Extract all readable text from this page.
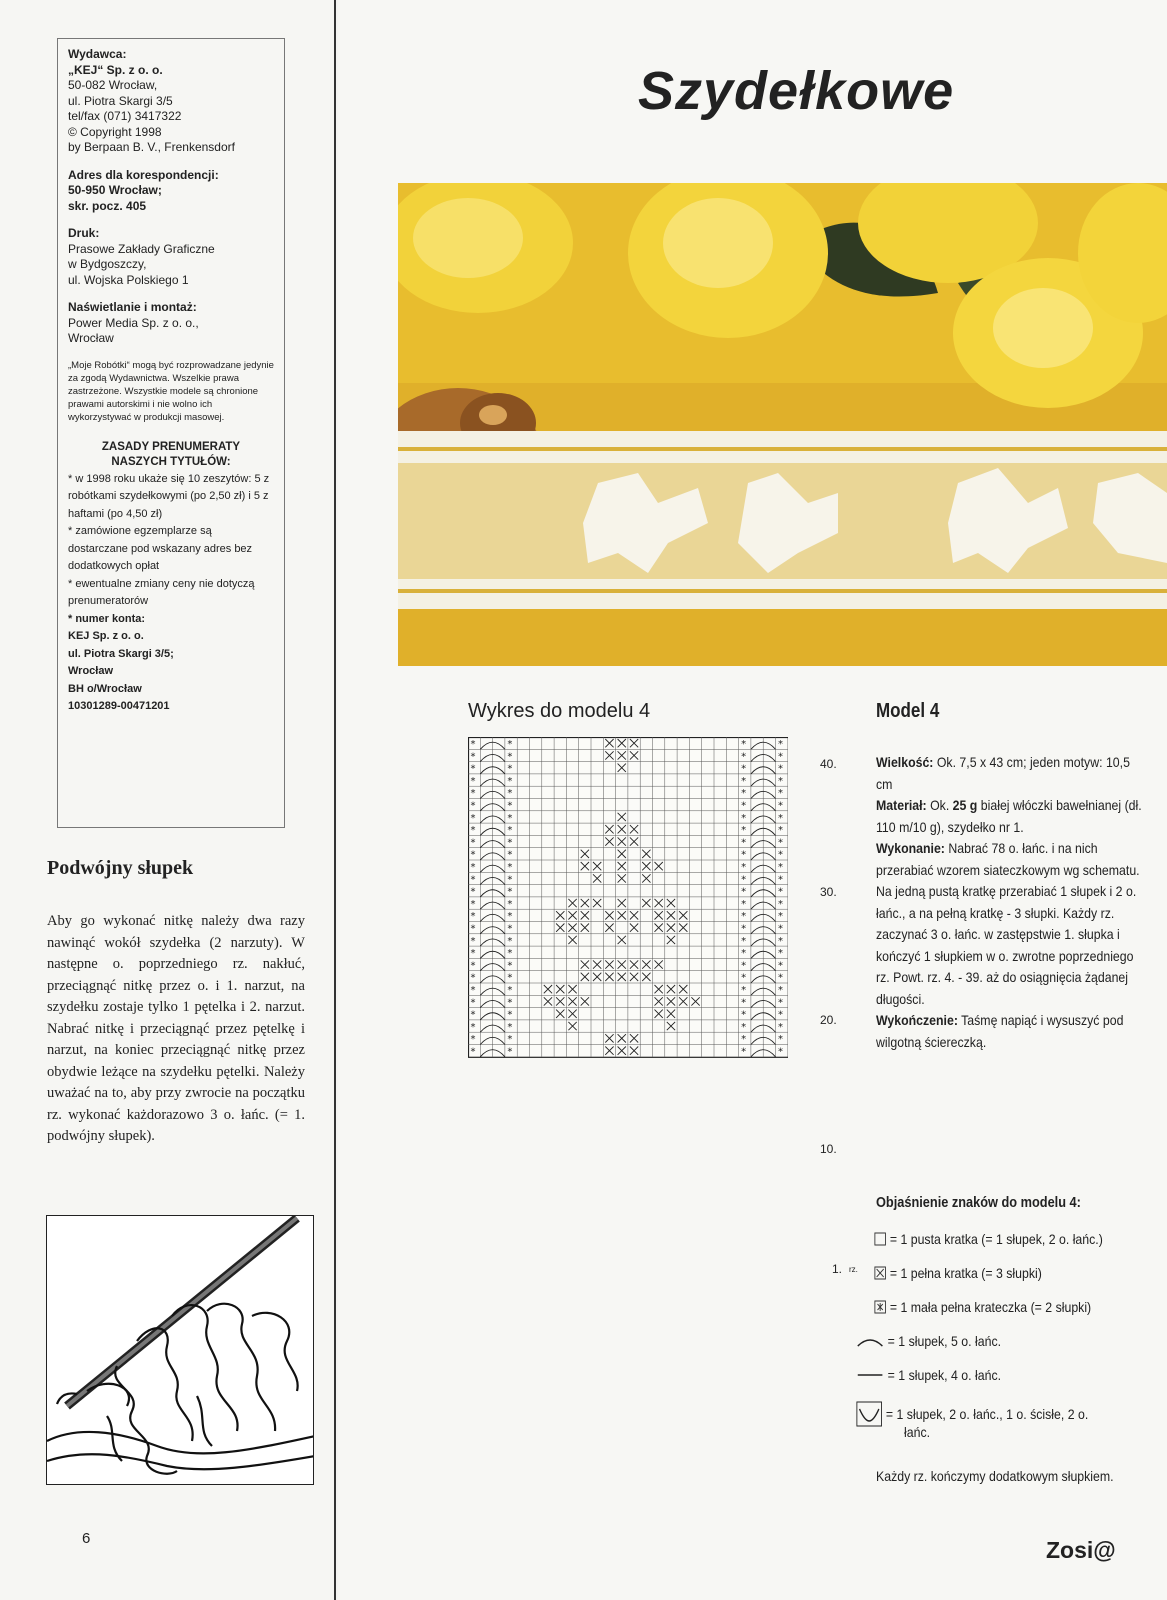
Wydawca:
„KEJ“ Sp. z o. o.
50-082 Wrocław,
ul. Piotra Skargi 3/5
tel/fax (071) 3417322
© Copyright 1998
by Berpaan B. V., Frenkensdorf
Adres dla korespondencji:
50-950 Wrocław;
skr. pocz. 405
Druk:
Prasowe Zakłady Graficzne
w Bydgoszczy,
ul. Wojska Polskiego 1
Naświetlanie i montaż:
Power Media Sp. z o. o.,
Wrocław
„Moje Robótki“ mogą być rozprowadzane jedynie za zgodą Wydawnictwa. Wszelkie prawa zastrzeżone. Wszystkie modele są chronione prawami autorskimi i nie wolno ich wykorzystywać w produkcji masowej.
ZASADY PRENUMERATY
NASZYCH TYTUŁÓW:
* w 1998 roku ukaże się 10 zeszytów: 5 z robótkami szydełkowymi (po 2,50 zł) i 5 z haftami (po 4,50 zł)
* zamówione egzemplarze są dostarczane pod wskazany adres bez dodatkowych opłat
* ewentualne zmiany ceny nie dotyczą prenumeratorów
* numer konta:
KEJ Sp. z o. o.
ul. Piotra Skargi 3/5;
Wrocław
BH o/Wrocław
10301289-00471201
Podwójny słupek
Aby go wykonać nitkę należy dwa razy nawinąć wokół szydełka (2 narzuty). W następne o. poprzedniego rz. nakłuć, przeciągnąć nitkę przez o. i 1. narzut, na szydełku zostaje tylko 1 pętelka i 2. narzut. Nabrać nitkę i przeciągnąć przez pętelkę i narzut, na koniec przeciągnąć nitkę przez obydwie leżące na szydełku pętelki. Należy uważać na to, aby przy zwrocie na początku rz. wykonać każdorazowo 3 o. łańc. (= 1. podwójny słupek).
6
Szydełkowe
Wykres do modelu 4
*	*	*	*
*	*	*	*
*	*	*	*
*	*	*	*
*	*	*	*
*	*	*	*
*	*	*	*
*	*	*	*
*	*	*	*
*	*	*	*
*	*	*	*
*	*	*	*
*	*	*	*
*	*	*	*
*	*	*	*
*	*	*	*
*	*	*	*
*	*	*	*
*	*	*	*
*	*	*	*
*	*	*	*
*	*	*	*
*	*	*	*
*	*	*	*
*	*	*	*
*	*	*	*
40.
30.
20.
10.
1. rz.
Model 4
Wielkość: Ok. 7,5 x 43 cm; jeden motyw: 10,5 cm
Materiał: Ok. 25 g białej włóczki bawełnianej (dł. 110 m/10 g), szydełko nr 1.
Wykonanie: Nabrać 78 o. łańc. i na nich przerabiać wzorem siateczkowym wg schematu. Na jedną pustą kratkę przerabiać 1 słupek i 2 o. łańc., a na pełną kratkę - 3 słupki. Każdy rz. zaczynać 3 o. łańc. w zastępstwie 1. słupka i kończyć 1 słupkiem w o. zwrotne poprzedniego rz. Powt. rz. 4. - 39. aż do osiągnięcia żądanej długości.
Wykończenie: Taśmę napiąć i wysuszyć pod wilgotną ściereczką.
Objaśnienie znaków do modelu 4:
= 1 pusta kratka (= 1 słupek, 2 o. łańc.)
= 1 pełna kratka (= 3 słupki)
= 1 mała pełna krateczka (= 2 słupki)
= 1 słupek, 5 o. łańc.
= 1 słupek, 4 o. łańc.
= 1 słupek, 2 o. łańc., 1 o. ścisłe, 2 o.
łańc.
Każdy rz. kończymy dodatkowym słupkiem.
Zosi@
